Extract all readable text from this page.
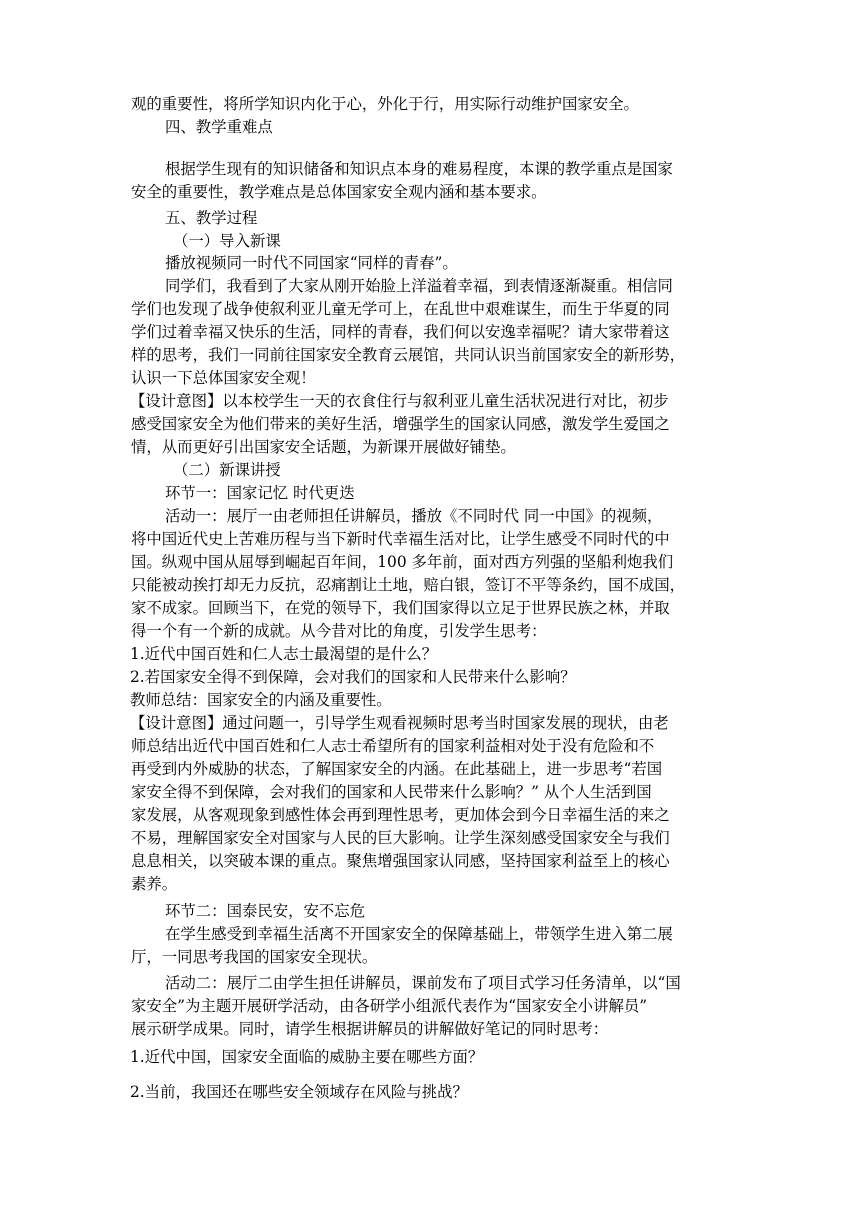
观的重要性，将所学知识内化于心，外化于行，用实际行动维护国家安全。
四、教学重难点
根据学生现有的知识储备和知识点本身的难易程度，本课的教学重点是国家
安全的重要性，教学难点是总体国家安全观内涵和基本要求。
五、教学过程
（一）导入新课
播放视频同一时代不同国家“同样的青春”。
同学们，我看到了大家从刚开始脸上洋溢着幸福，到表情逐渐凝重。相信同
学们也发现了战争使叙利亚儿童无学可上，在乱世中艰难谋生，而生于华夏的同
学们过着幸福又快乐的生活，同样的青春，我们何以安逸幸福呢？请大家带着这
样的思考，我们一同前往国家安全教育云展馆，共同认识当前国家安全的新形势，
认识一下总体国家安全观！
【设计意图】以本校学生一天的衣食住行与叙利亚儿童生活状况进行对比，初步
感受国家安全为他们带来的美好生活，增强学生的国家认同感，激发学生爱国之
情，从而更好引出国家安全话题，为新课开展做好铺垫。
（二）新课讲授
环节一：国家记忆 时代更迭
活动一：展厅一由老师担任讲解员，播放《不同时代 同一中国》的视频，
将中国近代史上苦难历程与当下新时代幸福生活对比，让学生感受不同时代的中
国。纵观中国从屈辱到崛起百年间，100 多年前，面对西方列强的坚船利炮我们
只能被动挨打却无力反抗，忍痛割让土地，赔白银，签订不平等条约，国不成国，
家不成家。回顾当下，在党的领导下，我们国家得以立足于世界民族之林，并取
得一个有一个新的成就。从今昔对比的角度，引发学生思考：
1.近代中国百姓和仁人志士最渴望的是什么？
2.若国家安全得不到保障，会对我们的国家和人民带来什么影响？
教师总结：国家安全的内涵及重要性。
【设计意图】通过问题一，引导学生观看视频时思考当时国家发展的现状，由老
师总结出近代中国百姓和仁人志士希望所有的国家利益相对处于没有危险和不
再受到内外威胁的状态，了解国家安全的内涵。在此基础上，进一步思考“若国
家安全得不到保障，会对我们的国家和人民带来什么影响？” 从个人生活到国
家发展，从客观现象到感性体会再到理性思考，更加体会到今日幸福生活的来之
不易，理解国家安全对国家与人民的巨大影响。让学生深刻感受国家安全与我们
息息相关，以突破本课的重点。聚焦增强国家认同感，坚持国家利益至上的核心
素养。
环节二：国泰民安，安不忘危
在学生感受到幸福生活离不开国家安全的保障基础上，带领学生进入第二展
厅，一同思考我国的国家安全现状。
活动二：展厅二由学生担任讲解员，课前发布了项目式学习任务清单，以“国
家安全”为主题开展研学活动，由各研学小组派代表作为“国家安全小讲解员”
展示研学成果。同时，请学生根据讲解员的讲解做好笔记的同时思考：
1.近代中国，国家安全面临的威胁主要在哪些方面？
2.当前，我国还在哪些安全领域存在风险与挑战？
